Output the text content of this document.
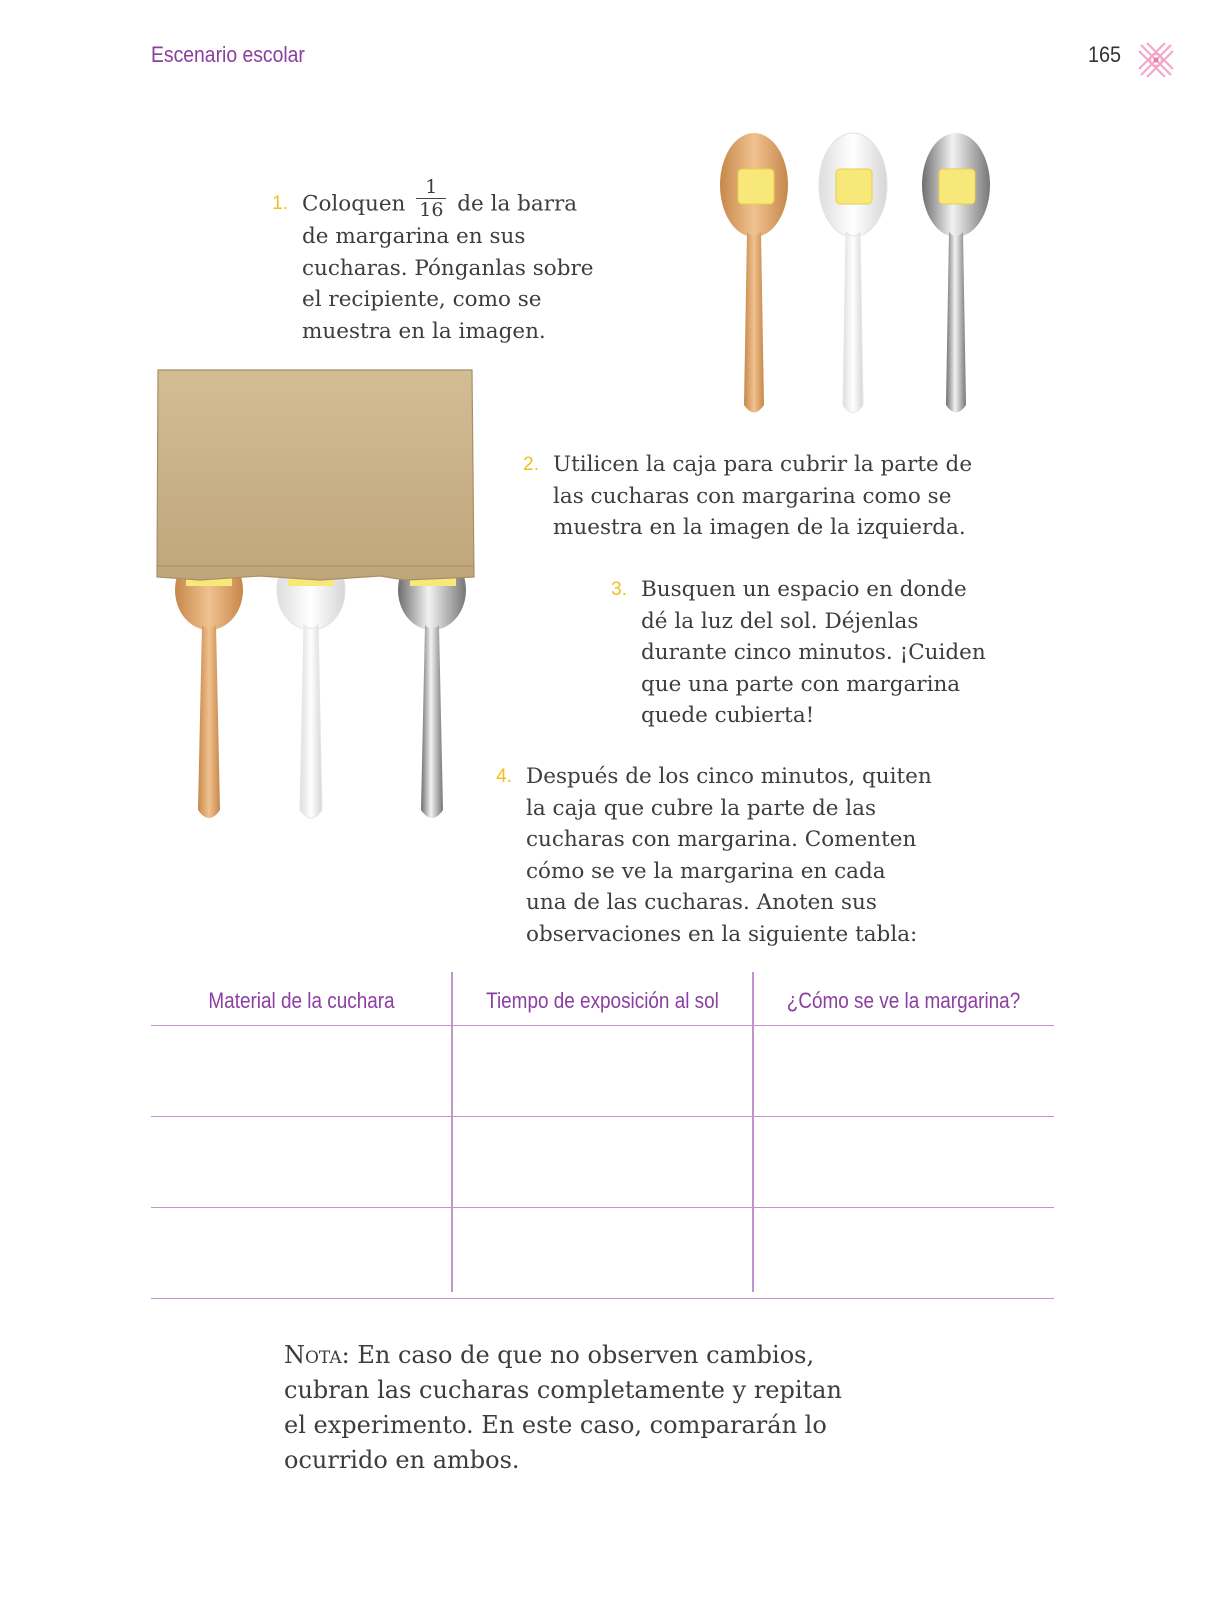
Escenario escolar	165
1. Coloquen $\frac{1}{16}$ de la barra

de margarina en sus

cucharas. Pónganlas sobre

el recipiente, como se

muestra en la imagen.

2. Utilicen la caja para cubrir la parte de

las cucharas con margarina como se

muestra en la imagen de la izquierda.

3. Busquen un espacio en donde

dé la luz del sol. Déjenlas

durante cinco minutos. ¡Cuiden

que una parte con margarina

quede cubierta!

4. Después de los cinco minutos, quiten

la caja que cubre la parte de las

cucharas con margarina. Comenten

cómo se ve la margarina en cada

una de las cucharas. Anoten sus

observaciones en la siguiente tabla:

Material de la cuchara	Tiempo de exposición al sol	¿Cómo se ve la margarina?

Nota: En caso de que no observen cambios,

cubran las cucharas completamente y repitan

el experimento. En este caso, compararán lo

ocurrido en ambos.
